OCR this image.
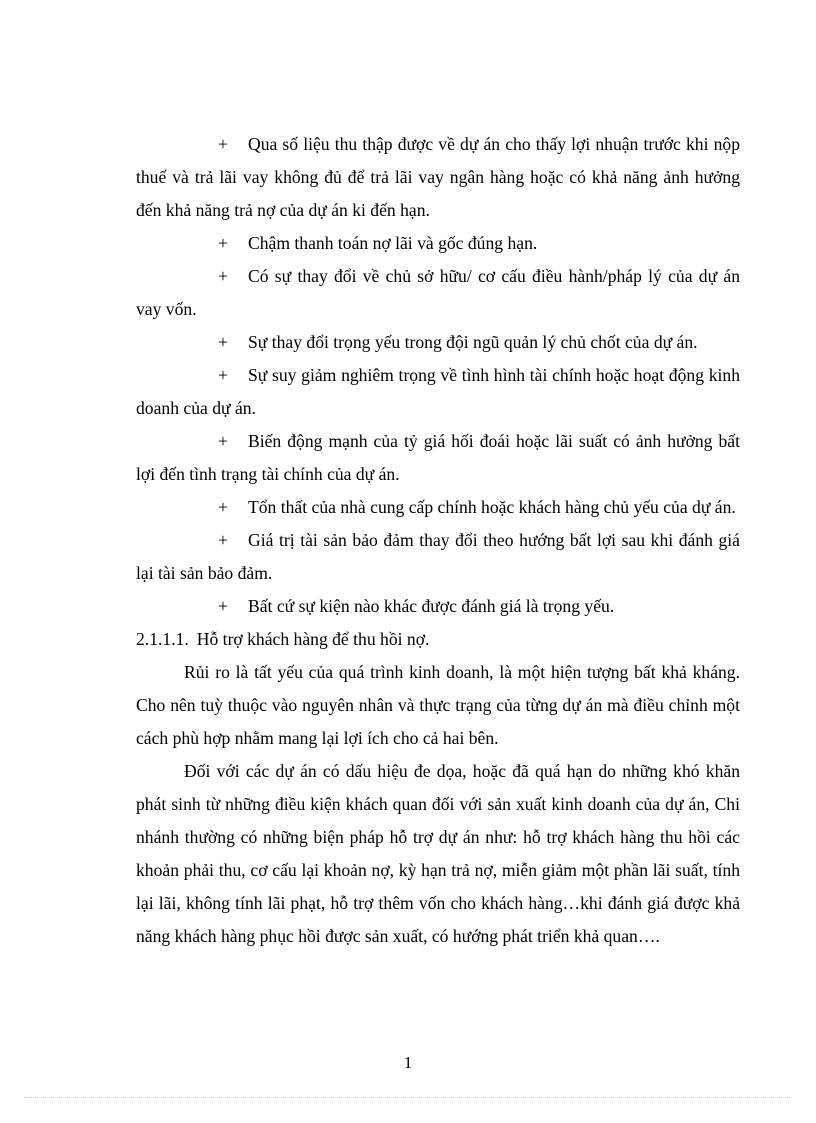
+ Qua số liệu thu thập được về dự án cho thấy lợi nhuận trước khi nộp thuế và trả lãi vay không đủ để trả lãi vay ngân hàng hoặc có khả năng ảnh hưởng đến khả năng trả nợ của dự án ki đến hạn.

+ Chậm thanh toán nợ lãi và gốc đúng hạn.

+ Có sự thay đổi về chủ sở hữu/ cơ cấu điều hành/pháp lý của dự án vay vốn.

+ Sự thay đổi trọng yếu trong đội ngũ quản lý chủ chốt của dự án.

+ Sự suy giảm nghiêm trọng về tình hình tài chính hoặc hoạt động kinh doanh của dự án.

+ Biến động mạnh của tỷ giá hối đoái hoặc lãi suất có ảnh hưởng bất lợi đến tình trạng tài chính của dự án.

+ Tổn thất của nhà cung cấp chính hoặc khách hàng chủ yếu của dự án.

+ Giá trị tài sản bảo đảm thay đổi theo hướng bất lợi sau khi đánh giá lại tài sản bảo đảm.

+ Bất cứ sự kiện nào khác được đánh giá là trọng yếu.

2.1.1.1. Hỗ trợ khách hàng để thu hồi nợ.

Rủi ro là tất yếu của quá trình kinh doanh, là một hiện tượng bất khả kháng. Cho nên tuỳ thuộc vào nguyên nhân và thực trạng của từng dự án mà điều chỉnh một cách phù hợp nhằm mang lại lợi ích cho cả hai bên.

Đối với các dự án có dấu hiệu đe dọa, hoặc đã quá hạn do những khó khăn phát sinh từ những điều kiện khách quan đối với sản xuất kinh doanh của dự án, Chi nhánh thường có những biện pháp hỗ trợ dự án như: hỗ trợ khách hàng thu hồi các khoản phải thu, cơ cấu lại khoản nợ, kỳ hạn trả nợ, miễn giảm một phần lãi suất, tính lại lãi, không tính lãi phạt, hỗ trợ thêm vốn cho khách hàng…khi đánh giá được khả năng khách hàng phục hồi được sản xuất, có hướng phát triển khả quan….

1
